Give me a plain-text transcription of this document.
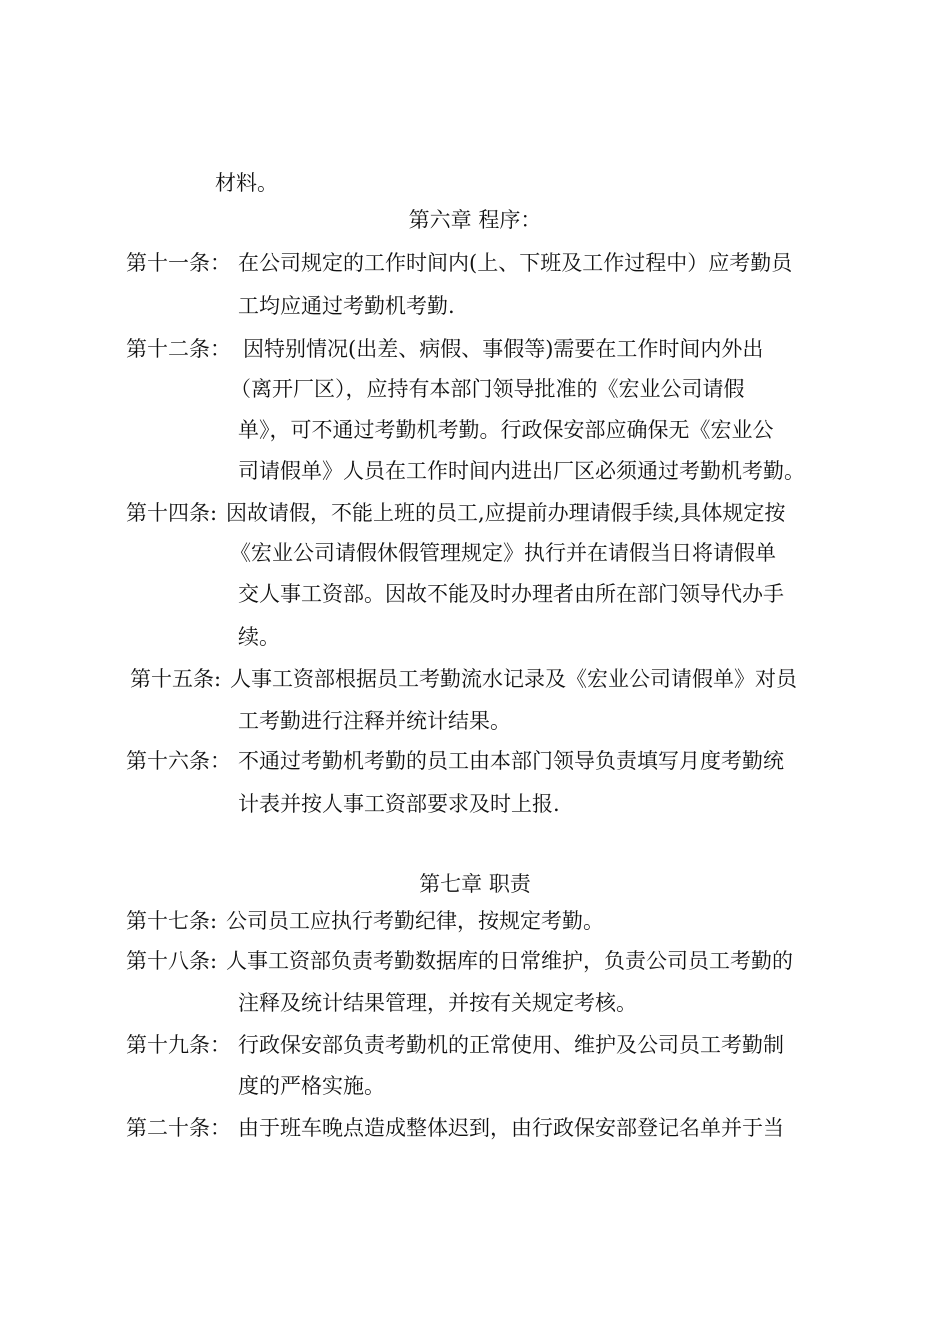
材料。
第六章 程序：
第十一条： 在公司规定的工作时间内(上、下班及工作过程中）应考勤员
工均应通过考勤机考勤.
第十二条： 因特别情况(出差、病假、事假等)需要在工作时间内外出
（离开厂区），应持有本部门领导批准的《宏业公司请假
单》，可不通过考勤机考勤。行政保安部应确保无《宏业公
司请假单》人员在工作时间内进出厂区必须通过考勤机考勤。
第十四条: 因故请假，不能上班的员工,应提前办理请假手续,具体规定按
《宏业公司请假休假管理规定》执行并在请假当日将请假单
交人事工资部。因故不能及时办理者由所在部门领导代办手
续。
第十五条: 人事工资部根据员工考勤流水记录及《宏业公司请假单》对员
工考勤进行注释并统计结果。
第十六条： 不通过考勤机考勤的员工由本部门领导负责填写月度考勤统
计表并按人事工资部要求及时上报.
第七章 职责
第十七条: 公司员工应执行考勤纪律，按规定考勤。
第十八条: 人事工资部负责考勤数据库的日常维护，负责公司员工考勤的
注释及统计结果管理，并按有关规定考核。
第十九条： 行政保安部负责考勤机的正常使用、维护及公司员工考勤制
度的严格实施。
第二十条： 由于班车晚点造成整体迟到，由行政保安部登记名单并于当
